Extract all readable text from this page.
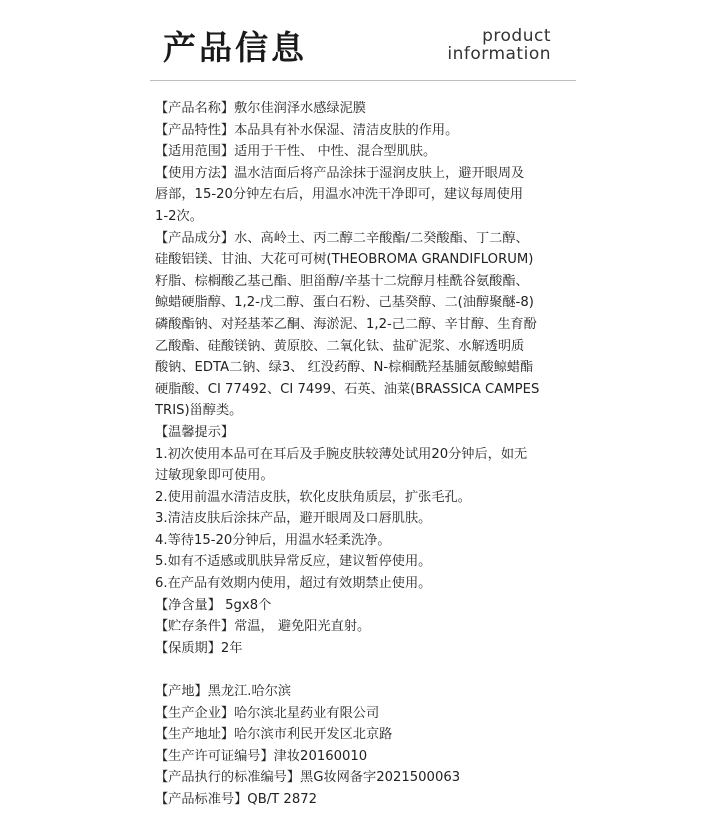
产品信息	product
information
【产品名称】敷尔佳润泽水感绿泥膜
【产品特性】本品具有补水保湿、清洁皮肤的作用。
【适用范围】适用于干性、 中性、混合型肌肤。
【使用方法】温水洁面后将产品涂抹于湿润皮肤上，避开眼周及
唇部，15-20分钟左右后，用温水冲洗干净即可，建议每周使用
1-2次。
【产品成分】水、高岭土、丙二醇二辛酸酯/二癸酸酯、丁二醇、
硅酸铝镁、甘油、大花可可树(THEOBROMA GRANDIFLORUM)
籽脂、棕榈酸乙基己酯、胆甾醇/辛基十二烷醇月桂酰谷氨酸酯、
鲸蜡硬脂醇、1,2-戊二醇、蛋白石粉、己基癸醇、二(油醇聚醚-8)
磷酸酯钠、对羟基苯乙酮、海淤泥、1,2-己二醇、辛甘醇、生育酚
乙酸酯、硅酸镁钠、黄原胶、二氧化钛、盐矿泥浆、水解透明质
酸钠、EDTA二钠、绿3、 红没药醇、N-棕榈酰羟基脯氨酸鲸蜡酯
硬脂酸、CI 77492、CI 7499、石英、油菜(BRASSICA CAMPES
TRIS)甾醇类。
【温馨提示】
1.初次使用本品可在耳后及手腕皮肤较薄处试用20分钟后，如无
过敏现象即可使用。
2.使用前温水清洁皮肤，软化皮肤角质层，扩张毛孔。
3.清洁皮肤后涂抹产品，避开眼周及口唇肌肤。
4.等待15-20分钟后，用温水轻柔洗净。
5.如有不适感或肌肤异常反应，建议暂停使用。
6.在产品有效期内使用，超过有效期禁止使用。
【净含量】 5gx8个
【贮存条件】常温， 避免阳光直射。
【保质期】2年
【产地】黑龙江.哈尔滨
【生产企业】哈尔滨北星药业有限公司
【生产地址】哈尔滨市利民开发区北京路
【生产许可证编号】津妆20160010
【产品执行的标准编号】黑G妆网备字2021500063
【产品标准号】QB/T 2872
